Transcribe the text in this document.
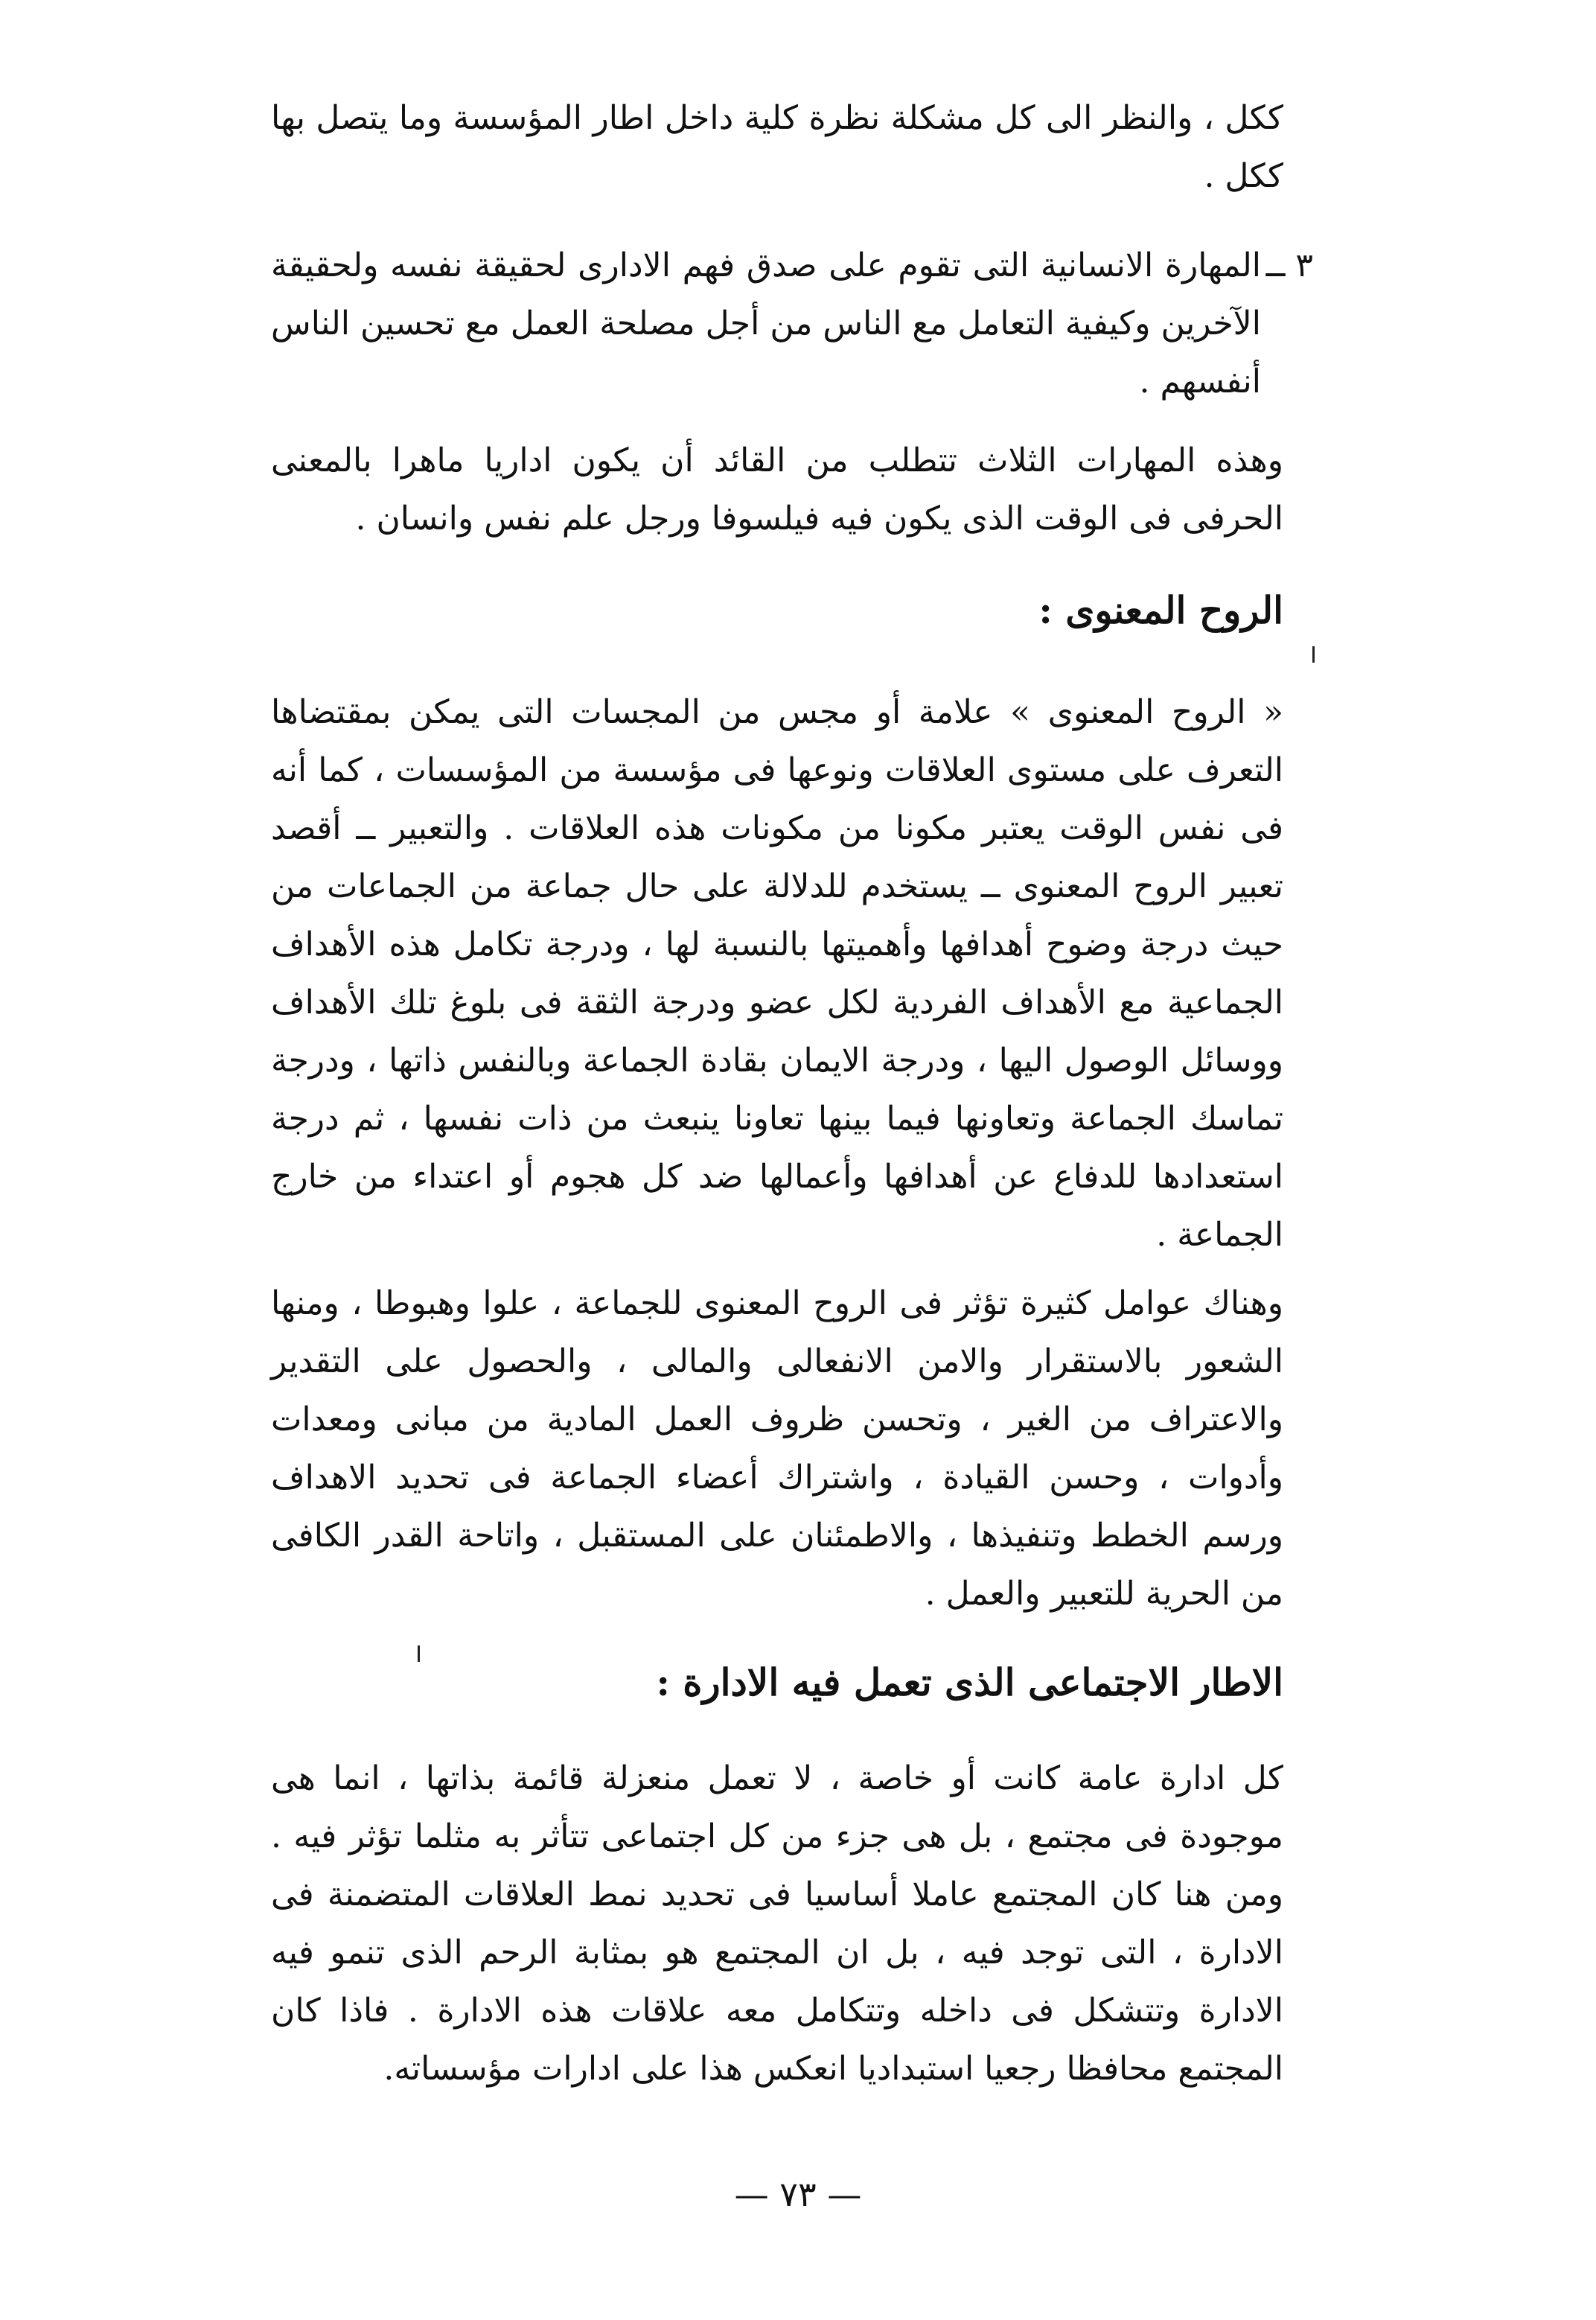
ككل ، والنظر الى كل مشكلة نظرة كلية داخل اطار المؤسسة وما يتصل بها ككل .

٣ ــ
المهارة الانسانية التى تقوم على صدق فهم الادارى لحقيقة نفسه ولحقيقة الآخرين وكيفية التعامل مع الناس من أجل مصلحة العمل مع تحسين الناس أنفسهم .

وهذه المهارات الثلاث تتطلب من القائد أن يكون اداريا ماهرا بالمعنى الحرفى فى الوقت الذى يكون فيه فيلسوفا ورجل علم نفس وانسان .

الروح المعنوى :

« الروح المعنوى » علامة أو مجس من المجسات التى يمكن بمقتضاها التعرف على مستوى العلاقات ونوعها فى مؤسسة من المؤسسات ، كما أنه فى نفس الوقت يعتبر مكونا من مكونات هذه العلاقات . والتعبير ــ أقصد تعبير الروح المعنوى ــ يستخدم للدلالة على حال جماعة من الجماعات من حيث درجة وضوح أهدافها وأهميتها بالنسبة لها ، ودرجة تكامل هذه الأهداف الجماعية مع الأهداف الفردية لكل عضو ودرجة الثقة فى بلوغ تلك الأهداف ووسائل الوصول اليها ، ودرجة الايمان بقادة الجماعة وبالنفس ذاتها ، ودرجة تماسك الجماعة وتعاونها فيما بينها تعاونا ينبعث من ذات نفسها ، ثم درجة استعدادها للدفاع عن أهدافها وأعمالها ضد كل هجوم أو اعتداء من خارج الجماعة .

وهناك عوامل كثيرة تؤثر فى الروح المعنوى للجماعة ، علوا وهبوطا ، ومنها الشعور بالاستقرار والامن الانفعالى والمالى ، والحصول على التقدير والاعتراف من الغير ، وتحسن ظروف العمل المادية من مبانى ومعدات وأدوات ، وحسن القيادة ، واشتراك أعضاء الجماعة فى تحديد الاهداف ورسم الخطط وتنفيذها ، والاطمئنان على المستقبل ، واتاحة القدر الكافى من الحرية للتعبير والعمل .

الاطار الاجتماعى الذى تعمل فيه الادارة :

كل ادارة عامة كانت أو خاصة ، لا تعمل منعزلة قائمة بذاتها ، انما هى موجودة فى مجتمع ، بل هى جزء من كل اجتماعى تتأثر به مثلما تؤثر فيه . ومن هنا كان المجتمع عاملا أساسيا فى تحديد نمط العلاقات المتضمنة فى الادارة ، التى توجد فيه ، بل ان المجتمع هو بمثابة الرحم الذى تنمو فيه الادارة وتتشكل فى داخله وتتكامل معه علاقات هذه الادارة . فاذا كان المجتمع محافظا رجعيا استبداديا انعكس هذا على ادارات مؤسساته.

— ٧٣ —
